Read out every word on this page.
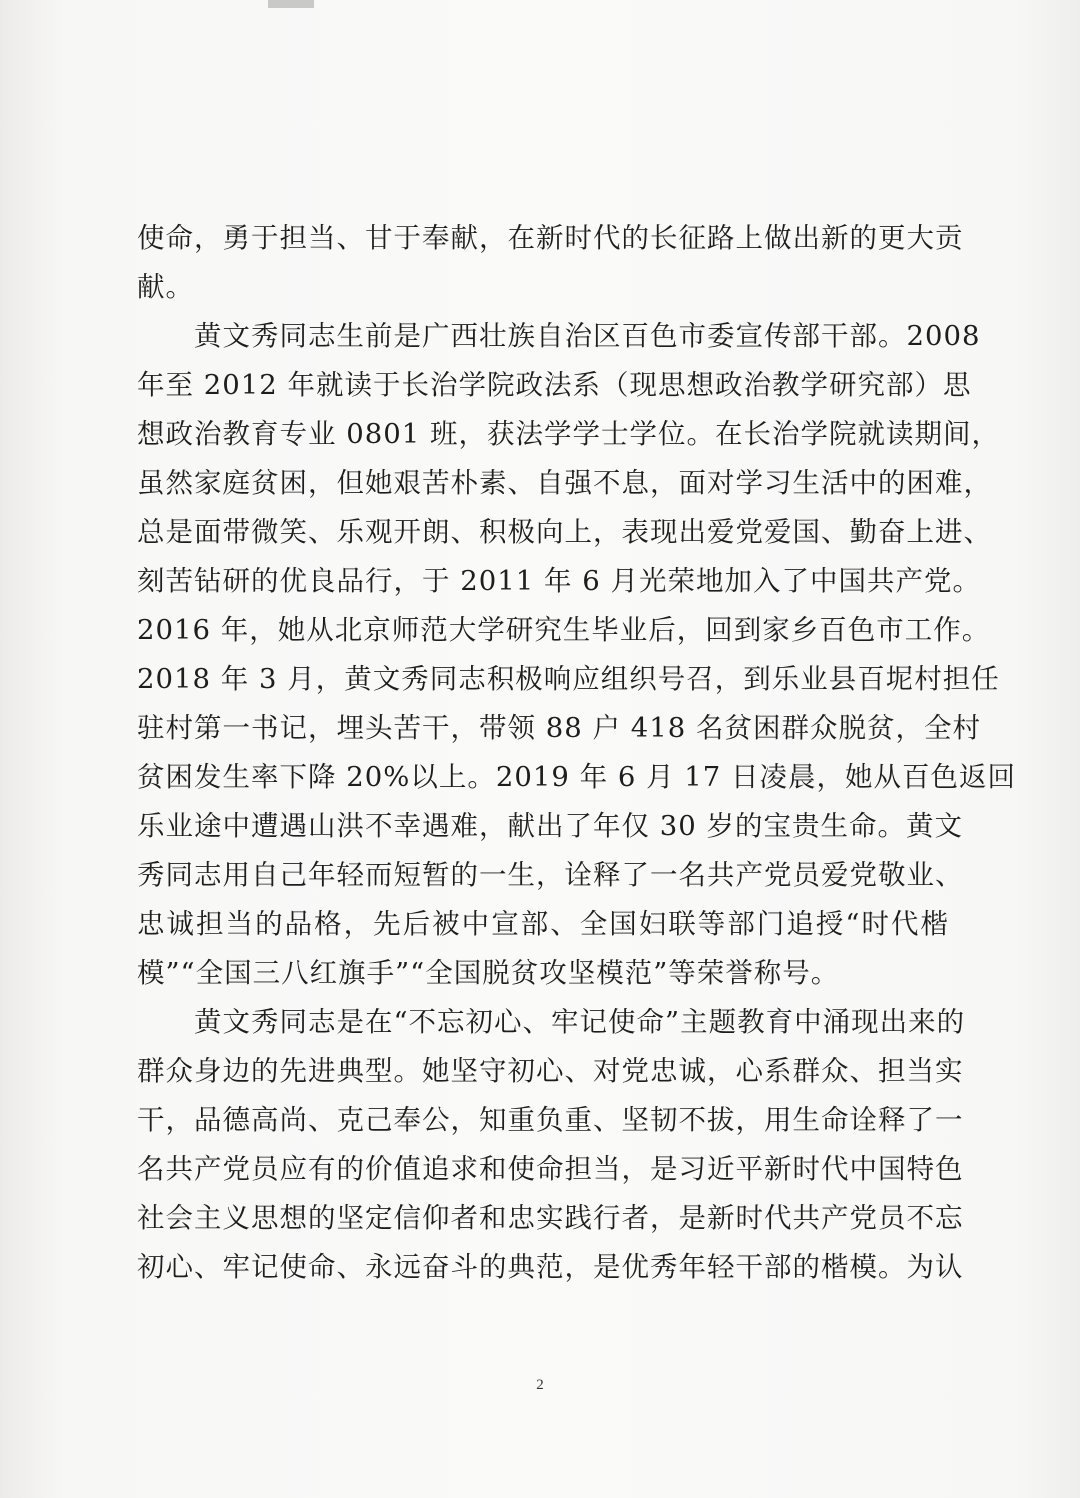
使命，勇于担当、甘于奉献，在新时代的长征路上做出新的更大贡
献。
　　黄文秀同志生前是广西壮族自治区百色市委宣传部干部。2008
年至 2012 年就读于长治学院政法系（现思想政治教学研究部）思
想政治教育专业 0801 班，获法学学士学位。在长治学院就读期间，
虽然家庭贫困，但她艰苦朴素、自强不息，面对学习生活中的困难，
总是面带微笑、乐观开朗、积极向上，表现出爱党爱国、勤奋上进、
刻苦钻研的优良品行，于 2011 年 6 月光荣地加入了中国共产党。
2016 年，她从北京师范大学研究生毕业后，回到家乡百色市工作。
2018 年 3 月，黄文秀同志积极响应组织号召，到乐业县百坭村担任
驻村第一书记，埋头苦干，带领 88 户 418 名贫困群众脱贫，全村
贫困发生率下降 20%以上。2019 年 6 月 17 日凌晨，她从百色返回
乐业途中遭遇山洪不幸遇难，献出了年仅 30 岁的宝贵生命。黄文
秀同志用自己年轻而短暂的一生，诠释了一名共产党员爱党敬业、
忠诚担当的品格，先后被中宣部、全国妇联等部门追授“时代楷
模”“全国三八红旗手”“全国脱贫攻坚模范”等荣誉称号。
　　黄文秀同志是在“不忘初心、牢记使命”主题教育中涌现出来的
群众身边的先进典型。她坚守初心、对党忠诚，心系群众、担当实
干，品德高尚、克己奉公，知重负重、坚韧不拔，用生命诠释了一
名共产党员应有的价值追求和使命担当，是习近平新时代中国特色
社会主义思想的坚定信仰者和忠实践行者，是新时代共产党员不忘
初心、牢记使命、永远奋斗的典范，是优秀年轻干部的楷模。为认
2
